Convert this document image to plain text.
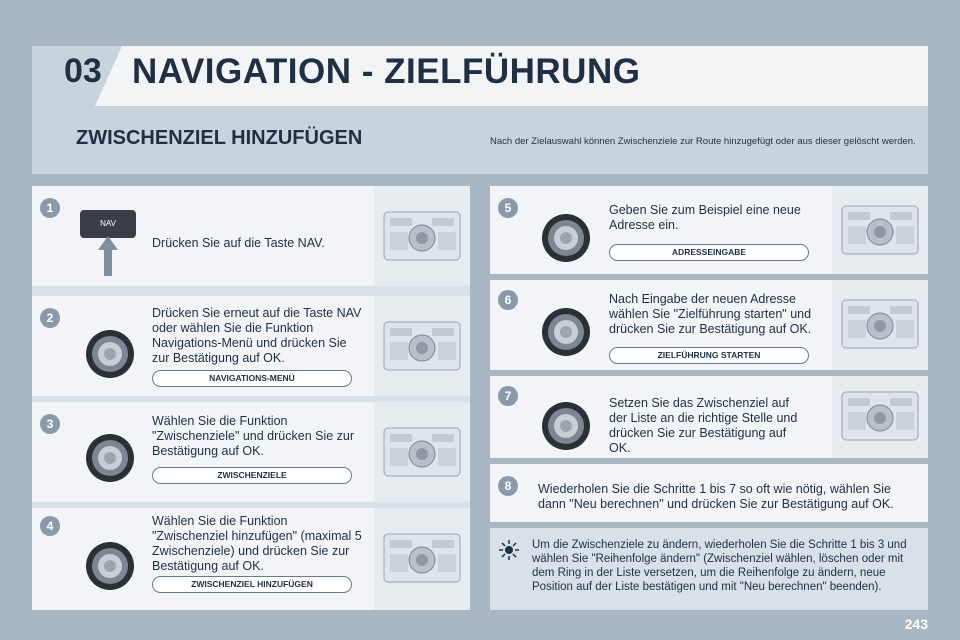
03 NAVIGATION - ZIELFÜHRUNG
ZWISCHENZIEL HINZUFÜGEN	Nach der Zielauswahl können Zwischenziele zur Route hinzugefügt oder aus dieser gelöscht werden.
1
NAV
Drücken Sie auf die Taste NAV.
2	Drücken Sie erneut auf die Taste NAV oder wählen Sie die Funktion Navigations-Menü und drücken Sie zur Bestätigung auf OK.
NAVIGATIONS-MENÜ
3	Wählen Sie die Funktion "Zwischenziele" und drücken Sie zur Bestätigung auf OK.
ZWISCHENZIELE
4	Wählen Sie die Funktion "Zwischenziel hinzufügen" (maximal 5 Zwischenziele) und drücken Sie zur Bestätigung auf OK.
ZWISCHENZIEL HINZUFÜGEN
5	Geben Sie zum Beispiel eine neue Adresse ein.
ADRESSEINGABE
6	Nach Eingabe der neuen Adresse wählen Sie "Zielführung starten" und drücken Sie zur Bestätigung auf OK.
ZIELFÜHRUNG STARTEN
7	Setzen Sie das Zwischenziel auf der Liste an die richtige Stelle und drücken Sie zur Bestätigung auf OK.
8	Wiederholen Sie die Schritte 1 bis 7 so oft wie nötig, wählen Sie dann "Neu berechnen" und drücken Sie zur Bestätigung auf OK.
Um die Zwischenziele zu ändern, wiederholen Sie die Schritte 1 bis 3 und wählen Sie "Reihenfolge ändern" (Zwischenziel wählen, löschen oder mit dem Ring in der Liste versetzen, um die Reihenfolge zu ändern, neue Position auf der Liste bestätigen und mit "Neu berechnen" beenden).
243
